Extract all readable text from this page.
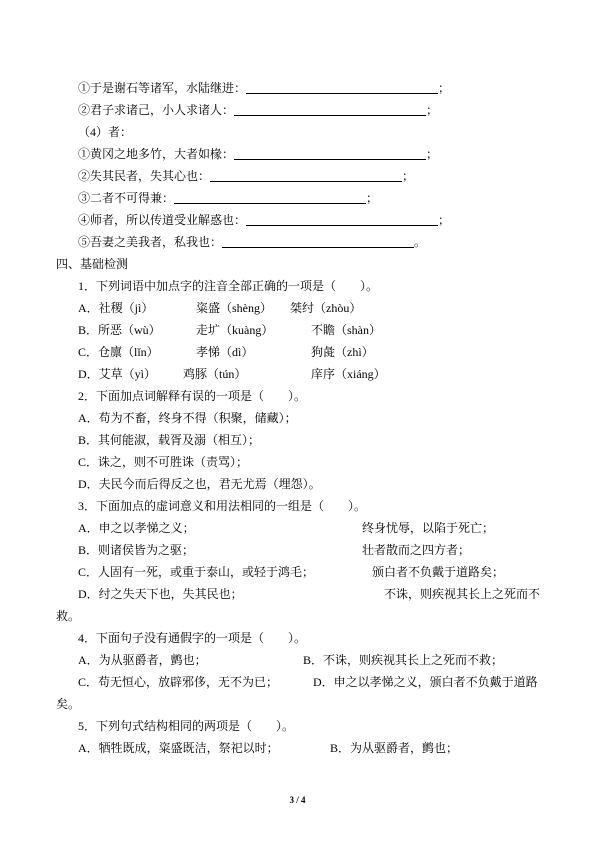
①于是谢石等诸军，水陆继进：	；
②君子求诸己，小人求诸人：	；
（4）者：
①黄冈之地多竹，大者如椽：	；
②失其民者，失其心也：	；
③二者不可得兼：	；
④师者，所以传道受业解惑也：	；
⑤吾妻之美我者，私我也：	。
四、基础检测
1．下列词语中加点字的注音全部正确的一项是（　　）。
A．社稷（jì）	粢盛（shèng） 桀纣（zhòu）
B．所恶（wù）	走圹（kuàng）	不瞻（shàn）
C．仓廪（lǐn）	孝悌（dì）	狗彘（zhì）
D．艾草（yì） 鸡豚（tún）	庠序（xiáng）
2．下面加点词解释有误的一项是（　　）。
A．苟为不畜，终身不得（积聚，储藏）；
B．其何能淑，载胥及溺（相互）；
C．诛之，则不可胜诛（责骂）；
D．夫民今而后得反之也，君无尤焉（埋怨）。
3．下面加点的虚词意义和用法相同的一组是（　　）。
A．申之以孝悌之义；	终身忧辱，以陷于死亡；
B．则诸侯皆为之驱；	壮者散而之四方者；
C．人固有一死，或重于泰山，或轻于鸿毛；	颁白者不负戴于道路矣；
D．纣之失天下也，失其民也；	不诛，则疾视其长上之死而不
救。
4．下面句子没有通假字的一项是（　　）。
A．为从驱爵者，鹯也；	B．不诛，则疾视其长上之死而不救；
C．苟无恒心，放辟邪侈，无不为已；	D．申之以孝悌之义，颁白者不负戴于道路
矣。
5．下列句式结构相同的两项是（　　）。
A．牺牲既成，粢盛既洁，祭祀以时；	B．为从驱爵者，鹯也；
3 / 4
